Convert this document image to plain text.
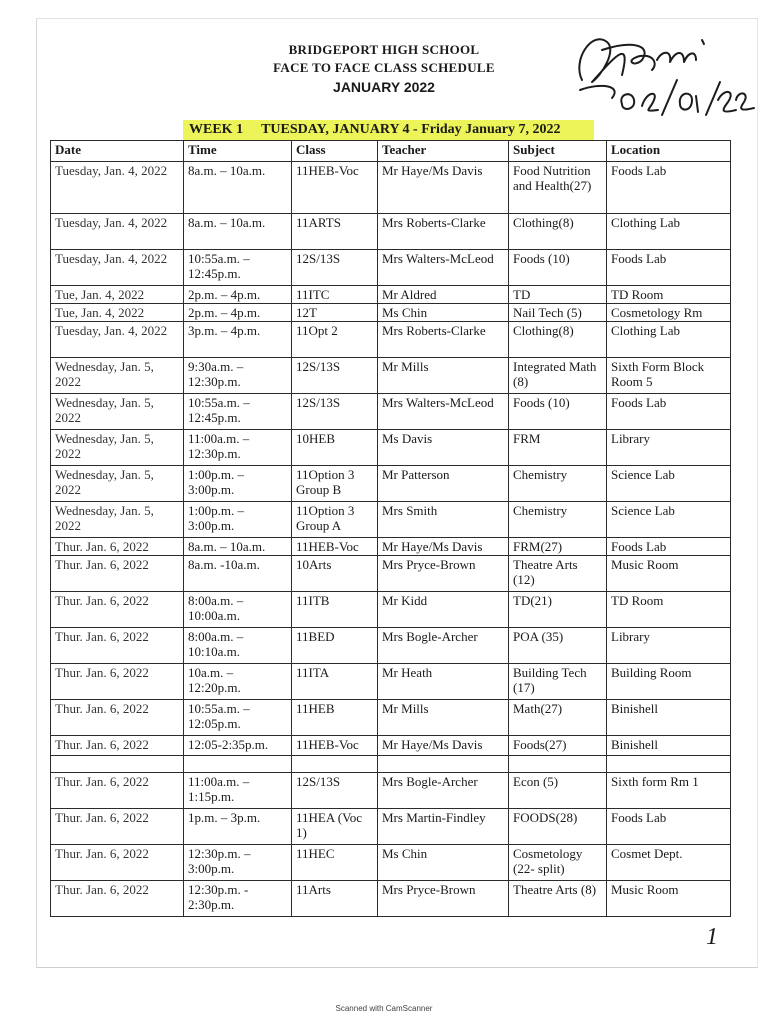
BRIDGEPORT HIGH SCHOOL
FACE TO FACE CLASS SCHEDULE
JANUARY 2022
WEEK 1 TUESDAY, JANUARY 4 - Friday January 7, 2022
Date	Time	Class	Teacher	Subject	Location
Tuesday, Jan. 4, 2022	8a.m. – 10a.m.	11HEB-Voc	Mr Haye/Ms Davis	Food Nutrition and Health(27)	Foods Lab
Tuesday, Jan. 4, 2022	8a.m. – 10a.m.	11ARTS	Mrs Roberts-Clarke	Clothing(8)	Clothing Lab
Tuesday, Jan. 4, 2022	10:55a.m. – 12:45p.m.	12S/13S	Mrs Walters-McLeod	Foods (10)	Foods Lab
Tue, Jan. 4, 2022	2p.m. – 4p.m.	11ITC	Mr Aldred	TD	TD Room
Tue, Jan. 4, 2022	2p.m. – 4p.m.	12T	Ms Chin	Nail Tech (5)	Cosmetology Rm
Tuesday, Jan. 4, 2022	3p.m. – 4p.m.	11Opt 2	Mrs Roberts-Clarke	Clothing(8)	Clothing Lab
Wednesday, Jan. 5, 2022	9:30a.m. – 12:30p.m.	12S/13S	Mr Mills	Integrated Math (8)	Sixth Form Block Room 5
Wednesday, Jan. 5, 2022	10:55a.m. – 12:45p.m.	12S/13S	Mrs Walters-McLeod	Foods (10)	Foods Lab
Wednesday, Jan. 5, 2022	11:00a.m. – 12:30p.m.	10HEB	Ms Davis	FRM	Library
Wednesday, Jan. 5, 2022	1:00p.m. – 3:00p.m.	11Option 3 Group B	Mr Patterson	Chemistry	Science Lab
Wednesday, Jan. 5, 2022	1:00p.m. – 3:00p.m.	11Option 3 Group A	Mrs Smith	Chemistry	Science Lab
Thur. Jan. 6, 2022	8a.m. – 10a.m.	11HEB-Voc	Mr Haye/Ms Davis	FRM(27)	Foods Lab
Thur. Jan. 6, 2022	8a.m. -10a.m.	10Arts	Mrs Pryce-Brown	Theatre Arts (12)	Music Room
Thur. Jan. 6, 2022	8:00a.m. – 10:00a.m.	11ITB	Mr Kidd	TD(21)	TD Room
Thur. Jan. 6, 2022	8:00a.m. – 10:10a.m.	11BED	Mrs Bogle-Archer	POA (35)	Library
Thur. Jan. 6, 2022	10a.m. – 12:20p.m.	11ITA	Mr Heath	Building Tech (17)	Building Room
Thur. Jan. 6, 2022	10:55a.m. – 12:05p.m.	11HEB	Mr Mills	Math(27)	Binishell
Thur. Jan. 6, 2022	12:05-2:35p.m.	11HEB-Voc	Mr Haye/Ms Davis	Foods(27)	Binishell

Thur. Jan. 6, 2022	11:00a.m. – 1:15p.m.	12S/13S	Mrs Bogle-Archer	Econ (5)	Sixth form Rm 1
Thur. Jan. 6, 2022	1p.m. – 3p.m.	11HEA (Voc 1)	Mrs Martin-Findley	FOODS(28)	Foods Lab
Thur. Jan. 6, 2022	12:30p.m. – 3:00p.m.	11HEC	Ms Chin	Cosmetology (22- split)	Cosmet Dept.
Thur. Jan. 6, 2022	12:30p.m. - 2:30p.m.	11Arts	Mrs Pryce-Brown	Theatre Arts (8)	Music Room
1
Scanned with CamScanner
